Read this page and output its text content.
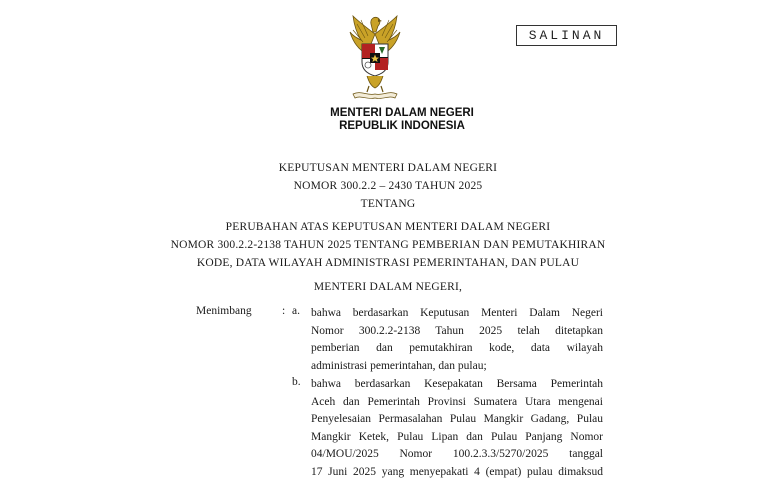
SALINAN
MENTERI DALAM NEGERI
REPUBLIK INDONESIA
KEPUTUSAN MENTERI DALAM NEGERI
NOMOR 300.2.2 – 2430 TAHUN 2025
TENTANG
PERUBAHAN ATAS KEPUTUSAN MENTERI DALAM NEGERI
NOMOR 300.2.2-2138 TAHUN 2025 TENTANG PEMBERIAN DAN PEMUTAKHIRAN
KODE, DATA WILAYAH ADMINISTRASI PEMERINTAHAN, DAN PULAU
MENTERI DALAM NEGERI,
Menimbang	: a. bahwa berdasarkan Keputusan Menteri Dalam Negeri
Nomor 300.2.2-2138 Tahun 2025 telah ditetapkan
pemberian dan pemutakhiran kode, data wilayah
administrasi pemerintahan, dan pulau;
b. bahwa berdasarkan Kesepakatan Bersama Pemerintah
Aceh dan Pemerintah Provinsi Sumatera Utara mengenai
Penyelesaian Permasalahan Pulau Mangkir Gadang, Pulau
Mangkir Ketek, Pulau Lipan dan Pulau Panjang Nomor
04/MOU/2025 Nomor 100.2.3.3/5270/2025 tanggal
17 Juni 2025 yang menyepakati 4 (empat) pulau dimaksud
